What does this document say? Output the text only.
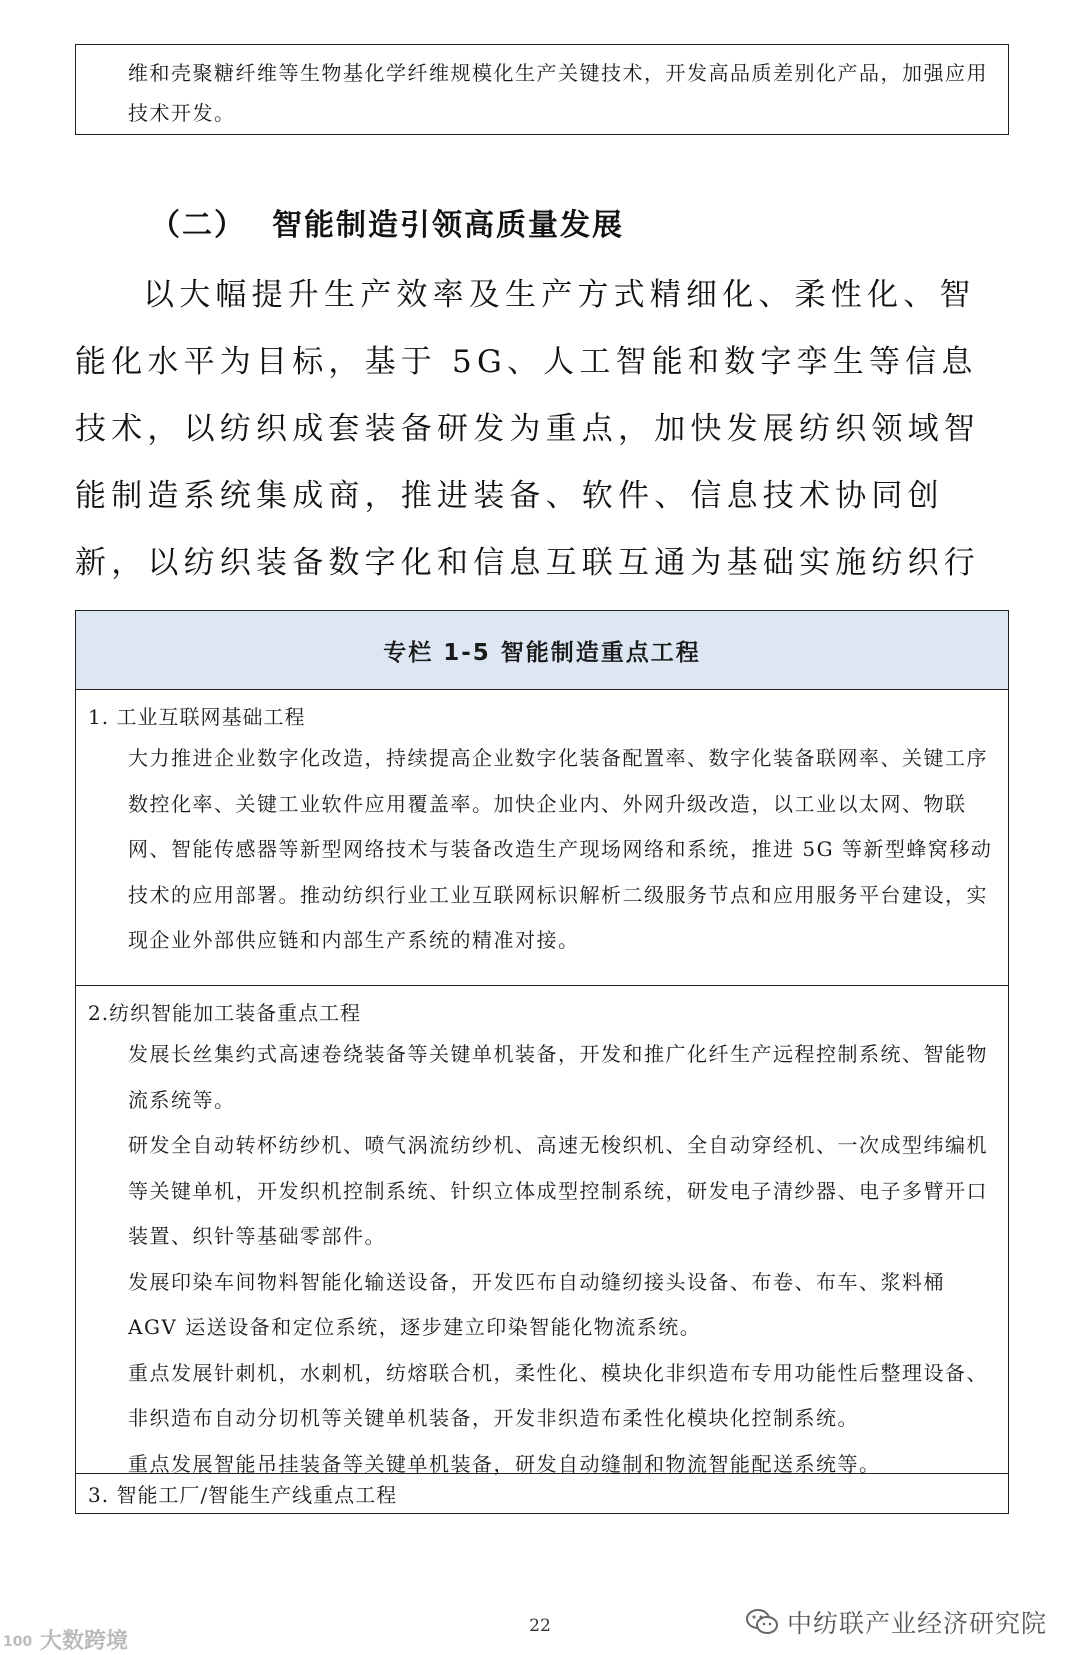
维和壳聚糖纤维等生物基化学纤维规模化生产关键技术，开发高品质差别化产品，加强应用技术开发。
（二） 智能制造引领高质量发展
以大幅提升生产效率及生产方式精细化、柔性化、智能化水平为目标，基于 5G、人工智能和数字孪生等信息技术，以纺织成套装备研发为重点，加快发展纺织领域智能制造系统集成商，推进装备、软件、信息技术协同创新，以纺织装备数字化和信息互联互通为基础实施纺织行
专栏 1-5 智能制造重点工程
1. 工业互联网基础工程

大力推进企业数字化改造，持续提高企业数字化装备配置率、数字化装备联网率、关键工序数控化率、关键工业软件应用覆盖率。加快企业内、外网升级改造，以工业以太网、物联网、智能传感器等新型网络技术与装备改造生产现场网络和系统，推进 5G 等新型蜂窝移动技术的应用部署。推动纺织行业工业互联网标识解析二级服务节点和应用服务平台建设，实现企业外部供应链和内部生产系统的精准对接。

2.纺织智能加工装备重点工程

发展长丝集约式高速卷绕装备等关键单机装备，开发和推广化纤生产远程控制系统、智能物流系统等。

研发全自动转杯纺纱机、喷气涡流纺纱机、高速无梭织机、全自动穿经机、一次成型纬编机等关键单机，开发织机控制系统、针织立体成型控制系统，研发电子清纱器、电子多臂开口装置、织针等基础零部件。

发展印染车间物料智能化输送设备，开发匹布自动缝纫接头设备、布卷、布车、浆料桶 AGV 运送设备和定位系统，逐步建立印染智能化物流系统。

重点发展针刺机，水刺机，纺熔联合机，柔性化、模块化非织造布专用功能性后整理设备、非织造布自动分切机等关键单机装备，开发非织造布柔性化模块化控制系统。

重点发展智能吊挂装备等关键单机装备，研发自动缝制和物流智能配送系统等。

3. 智能工厂/智能生产线重点工程
22	中纺联产业经济研究院
100 大数跨境
